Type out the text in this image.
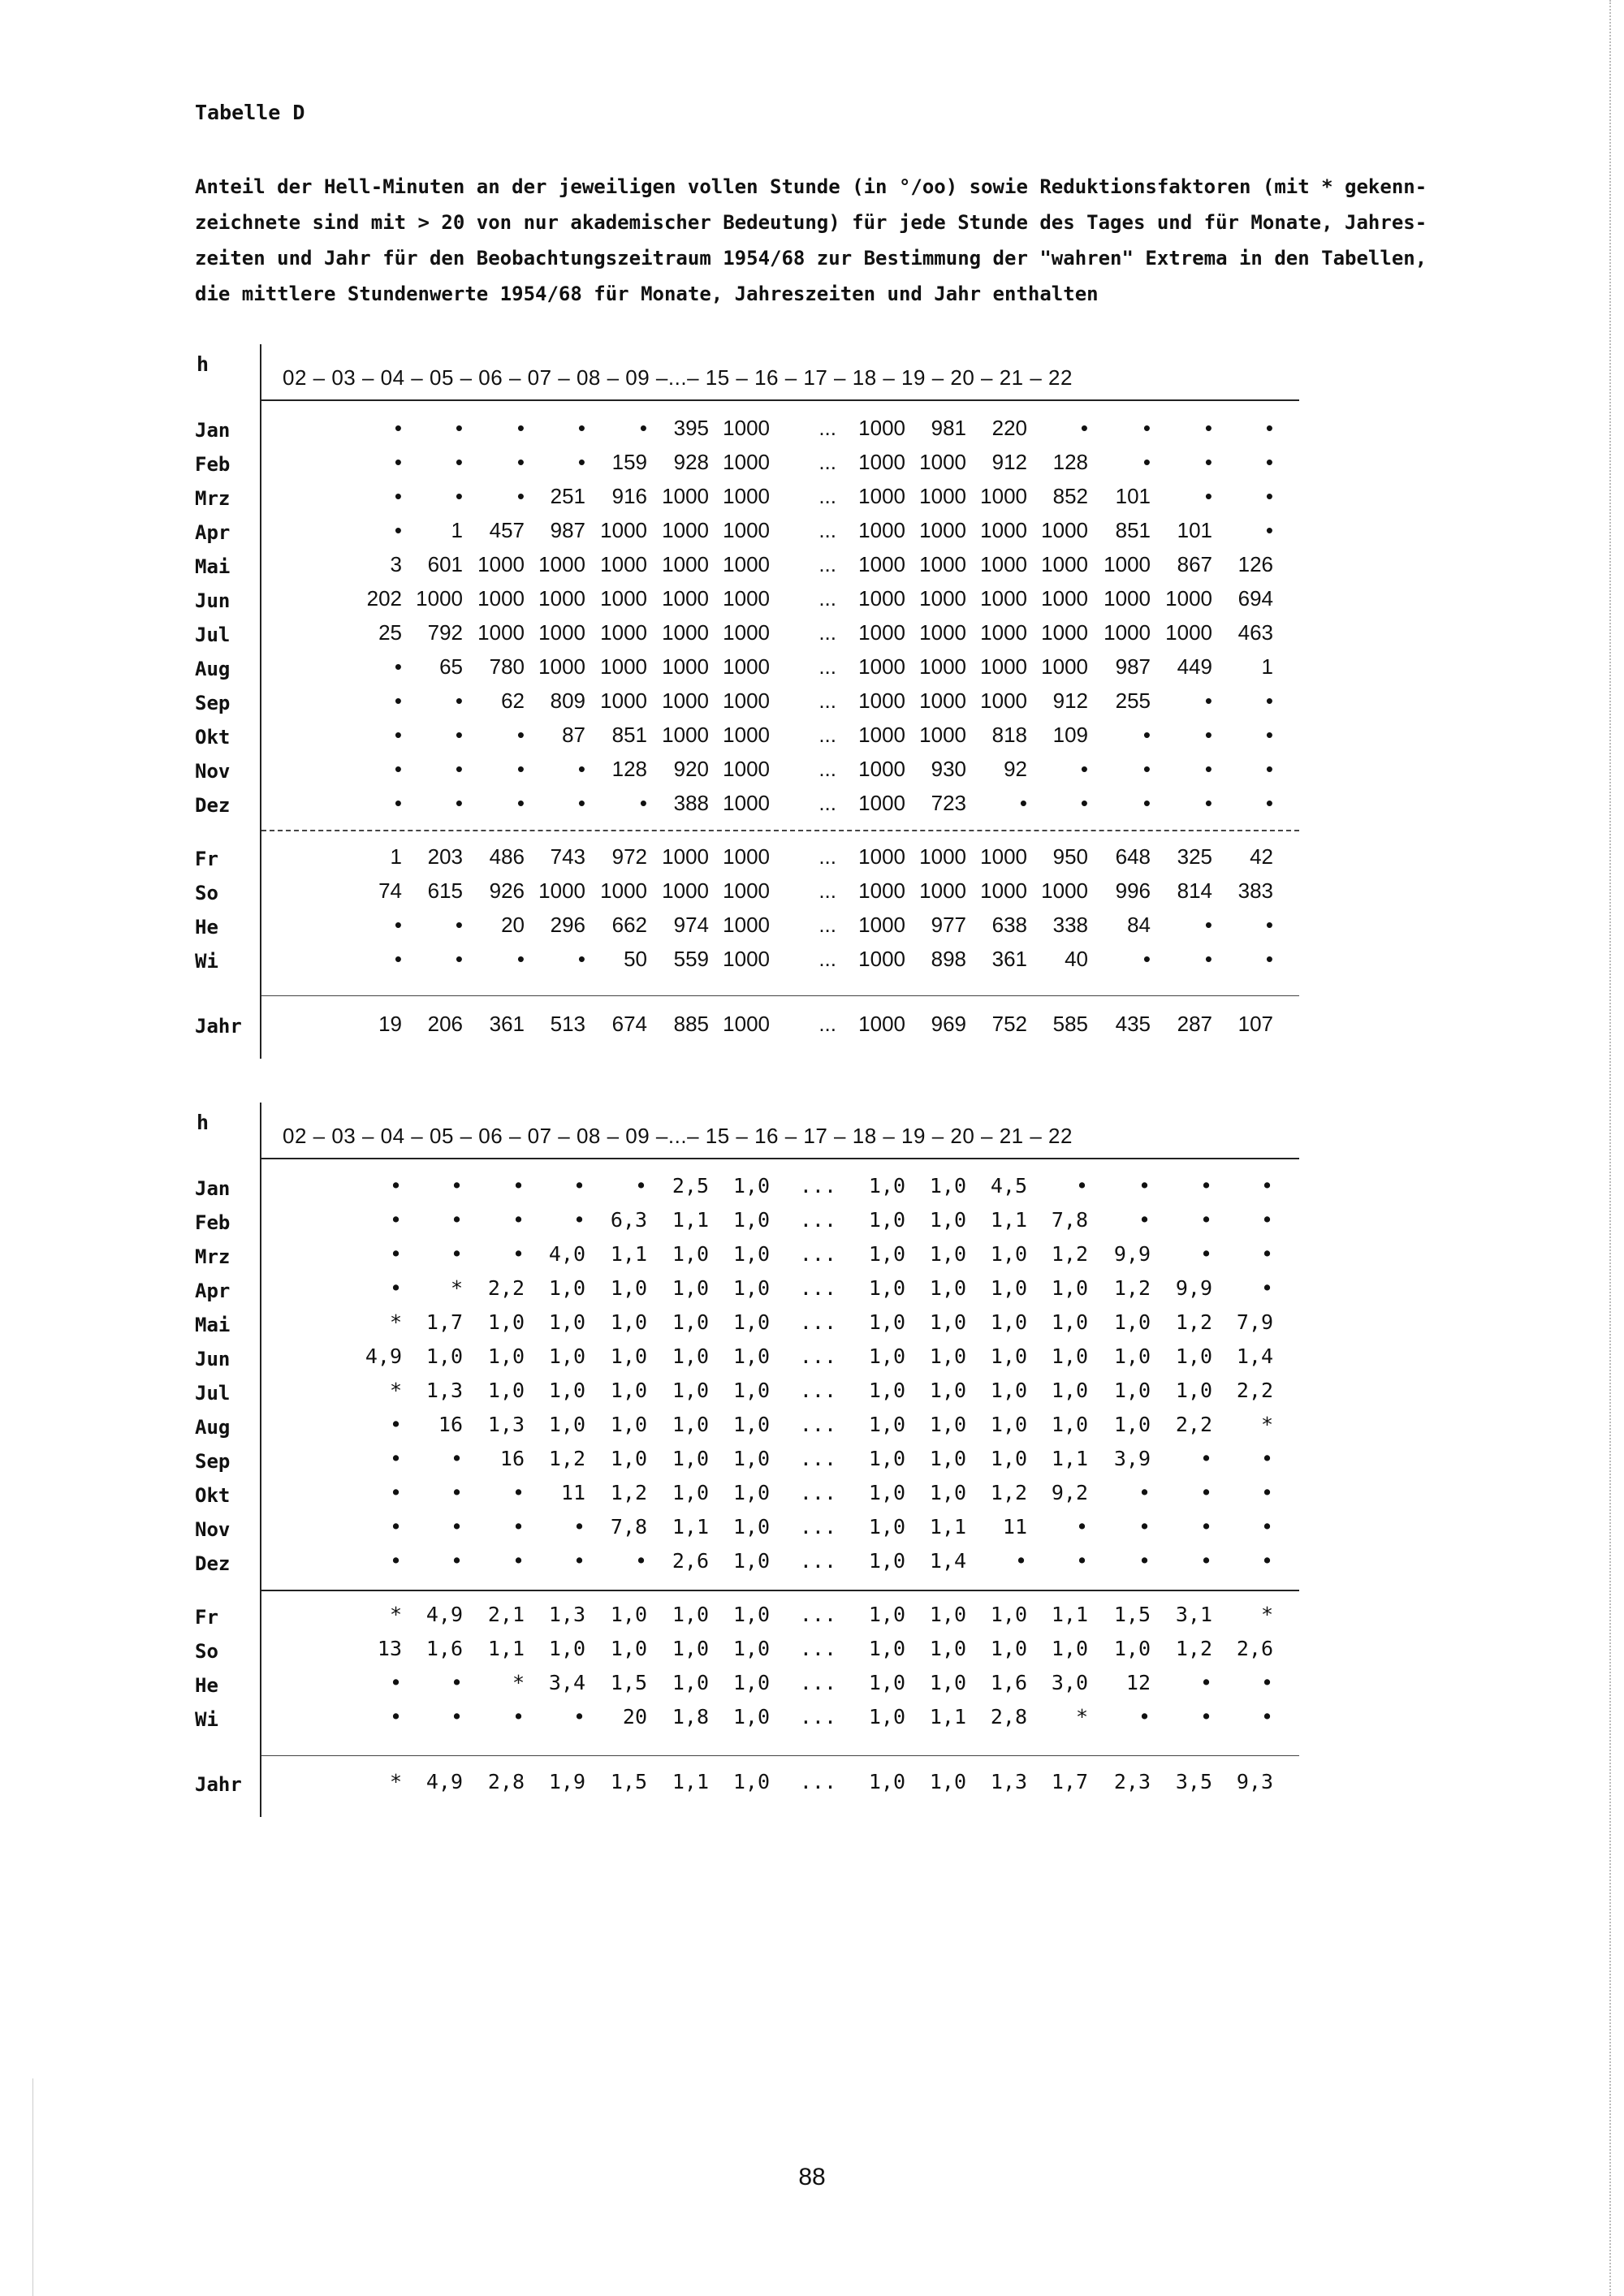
Tabelle D

Anteil der Hell-Minuten an der jeweiligen vollen Stunde (in °/oo) sowie Reduktionsfaktoren (mit * gekenn-

zeichnete sind mit > 20 von nur akademischer Bedeutung) für jede Stunde des Tages und für Monate, Jahres-

zeiten und Jahr für den Beobachtungszeitraum 1954/68 zur Bestimmung der "wahren" Extrema in den Tabellen,

die mittlere Stundenwerte 1954/68 für Monate, Jahreszeiten und Jahr enthalten

h
02 – 03 – 04 – 05 – 06 – 07 – 08 – 09 –...– 15 – 16 – 17 – 18 – 19 – 20 – 21 – 22
Jan	•	•	•	•	•	395 1000	...	1000	981	220	•	•	•	•
Feb	•	•	•	•	159	928 1000	...	1000 1000	912	128	•	•	•
Mrz	•	•	•	251	916 1000 1000	...	1000 1000 1000	852	101	•	•
Apr	•	1	457	987 1000 1000 1000	...	1000 1000 1000 1000	851	101	•
Mai	3	601 1000 1000 1000 1000 1000	...	1000 1000 1000 1000 1000	867	126
Jun	202 1000 1000 1000 1000 1000 1000	...	1000 1000 1000 1000 1000 1000	694
Jul	25	792 1000 1000 1000 1000 1000	...	1000 1000 1000 1000 1000 1000	463
Aug	•	65	780 1000 1000 1000 1000	...	1000 1000 1000 1000	987	449	1
Sep	•	•	62	809 1000 1000 1000	...	1000 1000 1000	912	255	•	•
Okt	•	•	•	87	851 1000 1000	...	1000 1000	818	109	•	•	•
Nov	•	•	•	•	128	920 1000	...	1000	930	92	•	•	•	•
Dez	•	•	•	•	•	388 1000	...	1000	723	•	•	•	•	•
Fr	1	203	486	743	972 1000 1000	...	1000 1000 1000	950	648	325	42
So	74	615	926 1000 1000 1000 1000	...	1000 1000 1000 1000	996	814	383
He	•	•	20	296	662	974 1000	...	1000	977	638	338	84	•	•
Wi	•	•	•	•	50	559 1000	...	1000	898	361	40	•	•	•
Jahr	19	206	361	513	674	885 1000	...	1000	969	752	585	435	287	107
h
02 – 03 – 04 – 05 – 06 – 07 – 08 – 09 –...– 15 – 16 – 17 – 18 – 19 – 20 – 21 – 22
Jan	•	•	•	•	•	2,5	1,0	...	1,0	1,0	4,5	•	•	•	•
Feb	•	•	•	•	6,3	1,1	1,0	...	1,0	1,0	1,1	7,8	•	•	•
Mrz	•	•	•	4,0	1,1	1,0	1,0	...	1,0	1,0	1,0	1,2	9,9	•	•
Apr	•	*	2,2	1,0	1,0	1,0	1,0	...	1,0	1,0	1,0	1,0	1,2	9,9	•
Mai	*	1,7	1,0	1,0	1,0	1,0	1,0	...	1,0	1,0	1,0	1,0	1,0	1,2	7,9
Jun	4,9	1,0	1,0	1,0	1,0	1,0	1,0	...	1,0	1,0	1,0	1,0	1,0	1,0	1,4
Jul	*	1,3	1,0	1,0	1,0	1,0	1,0	...	1,0	1,0	1,0	1,0	1,0	1,0	2,2
Aug	•	16	1,3	1,0	1,0	1,0	1,0	...	1,0	1,0	1,0	1,0	1,0	2,2	*
Sep	•	•	16	1,2	1,0	1,0	1,0	...	1,0	1,0	1,0	1,1	3,9	•	•
Okt	•	•	•	11	1,2	1,0	1,0	...	1,0	1,0	1,2	9,2	•	•	•
Nov	•	•	•	•	7,8	1,1	1,0	...	1,0	1,1	11	•	•	•	•
Dez	•	•	•	•	•	2,6	1,0	...	1,0	1,4	•	•	•	•	•
Fr	*	4,9	2,1	1,3	1,0	1,0	1,0	...	1,0	1,0	1,0	1,1	1,5	3,1	*
So	13	1,6	1,1	1,0	1,0	1,0	1,0	...	1,0	1,0	1,0	1,0	1,0	1,2	2,6
He	•	•	*	3,4	1,5	1,0	1,0	...	1,0	1,0	1,6	3,0	12	•	•
Wi	•	•	•	•	20	1,8	1,0	...	1,0	1,1	2,8	*	•	•	•
Jahr	*	4,9	2,8	1,9	1,5	1,1	1,0	...	1,0	1,0	1,3	1,7	2,3	3,5	9,3
88
